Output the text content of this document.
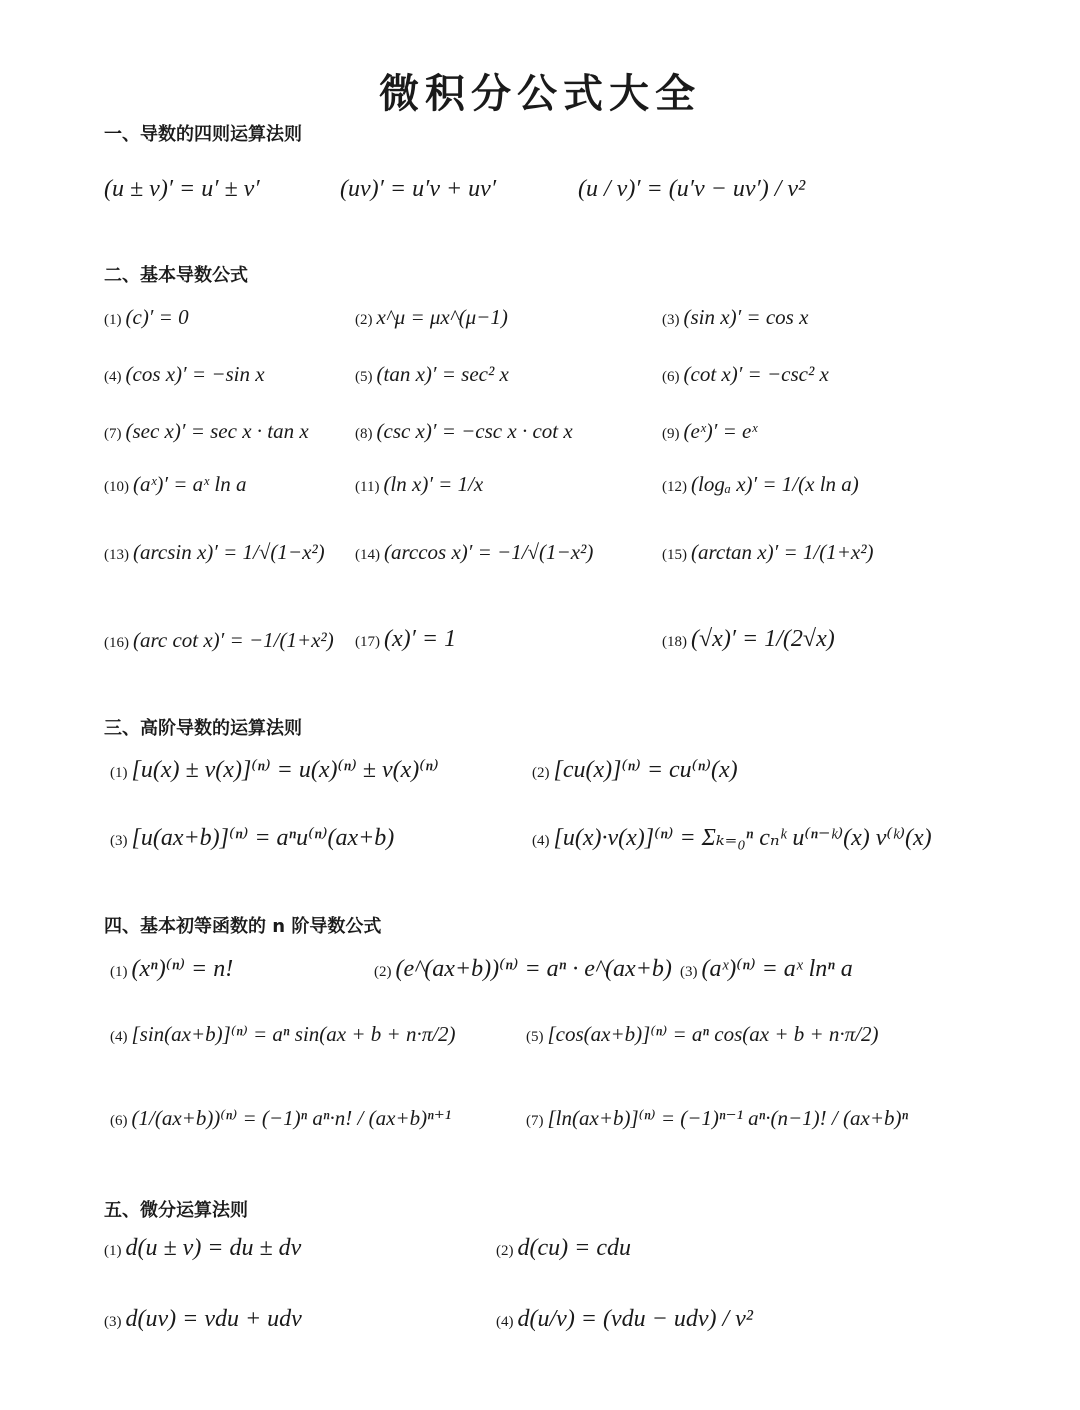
微积分公式大全
一、导数的四则运算法则
(u ± v)′ = u′ ± v′	(uv)′ = u′v + uv′	(u / v)′ = (u′v − uv′) / v²
二、基本导数公式
(1) (c)′ = 0	(2) x^μ = μx^(μ−1)	(3) (sin x)′ = cos x
(4) (cos x)′ = −sin x	(5) (tan x)′ = sec² x	(6) (cot x)′ = −csc² x
(7) (sec x)′ = sec x · tan x	(8) (csc x)′ = −csc x · cot x	(9) (eˣ)′ = eˣ
(10) (aˣ)′ = aˣ ln a	(11) (ln x)′ = 1/x	(12) (logₐ x)′ = 1/(x ln a)
(13) (arcsin x)′ = 1/√(1−x²) (14) (arccos x)′ = −1/√(1−x²)	(15) (arctan x)′ = 1/(1+x²)
(16) (arc cot x)′ = −1/(1+x²) (17) (x)′ = 1	(18) (√x)′ = 1/(2√x)
三、高阶导数的运算法则
(1) [u(x) ± v(x)]⁽ⁿ⁾ = u(x)⁽ⁿ⁾ ± v(x)⁽ⁿ⁾	(2) [cu(x)]⁽ⁿ⁾ = cu⁽ⁿ⁾(x)
(3) [u(ax+b)]⁽ⁿ⁾ = aⁿu⁽ⁿ⁾(ax+b)	(4) [u(x)·v(x)]⁽ⁿ⁾ = Σₖ₌₀ⁿ cₙᵏ u⁽ⁿ⁻ᵏ⁾(x) v⁽ᵏ⁾(x)
四、基本初等函数的 n 阶导数公式
(1) (xⁿ)⁽ⁿ⁾ = n!	(2) (e^(ax+b))⁽ⁿ⁾ = aⁿ · e^(ax+b) (3) (aˣ)⁽ⁿ⁾ = aˣ lnⁿ a
(4) [sin(ax+b)]⁽ⁿ⁾ = aⁿ sin(ax + b + n·π/2)	(5) [cos(ax+b)]⁽ⁿ⁾ = aⁿ cos(ax + b + n·π/2)
(6) (1/(ax+b))⁽ⁿ⁾ = (−1)ⁿ aⁿ·n! / (ax+b)ⁿ⁺¹	(7) [ln(ax+b)]⁽ⁿ⁾ = (−1)ⁿ⁻¹ aⁿ·(n−1)! / (ax+b)ⁿ
五、微分运算法则
(1) d(u ± v) = du ± dv	(2) d(cu) = cdu
(3) d(uv) = vdu + udv	(4) d(u/v) = (vdu − udv) / v²
